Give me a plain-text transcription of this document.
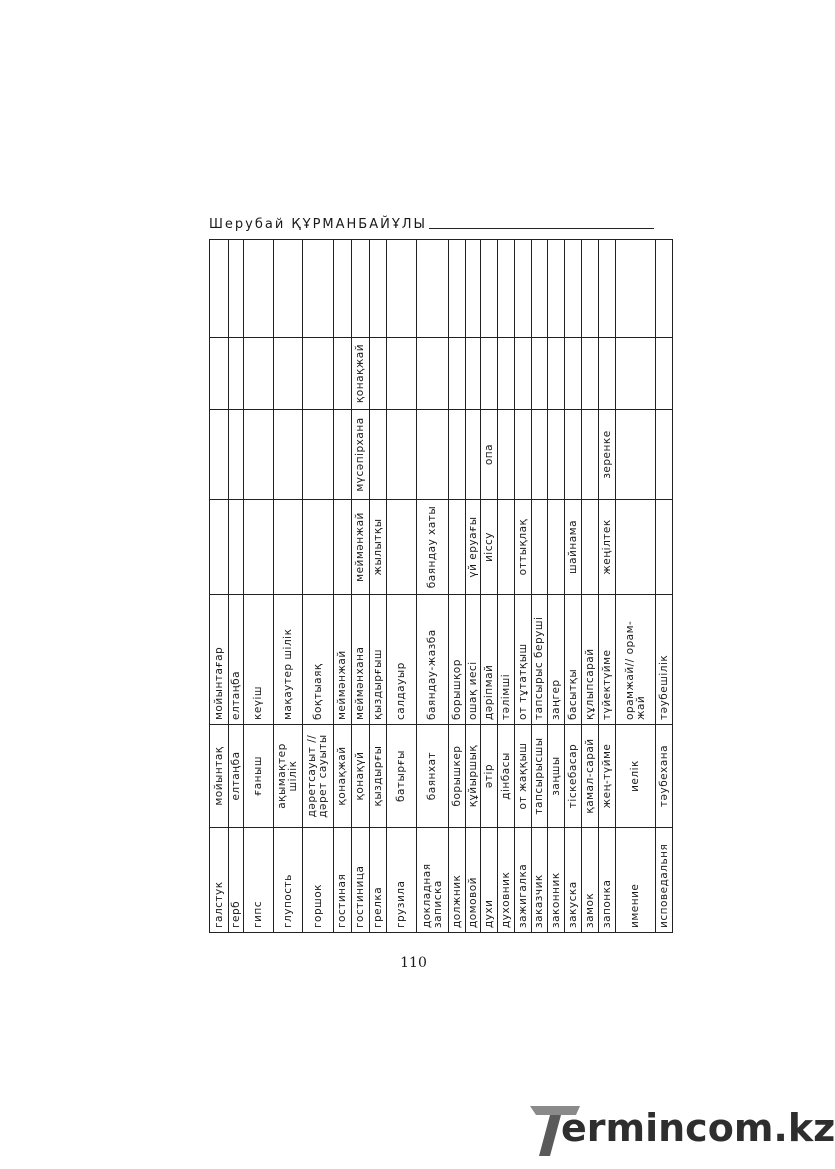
Шерубай ҚҰРМАНБАЙҰЛЫ
галстук	мойынтақ	мойынтағар				
герб	елтаңба	елтаңба				
гипс	ғаныш	кеүіш				
глупость	ақымақтер шілік	мақаутер шілік				
горшок	дәретсауыт // дәрет сауыты	боқтыаяқ				
гостиная	қонақжай	меймәнжай				
гостиница	қонақүй	меймәнхана	меймәнжай	мүсәпірхана	қонақжай	
грелка	қыздырғы	қыздырғыш	жылытқы			
грузила	батырғы	салдауыр				
докладная записка	баянхат	баяндау-жазба	баяндау хаты			
должник	борышкер	борышқор				
домовой	құйыршық	ошақ иесі	үй еруағы			
духи	әтір	дәріпмай	иіссу	опа		
духовник	дінбасы	тәлімші				
зажигалка	от жаққыш	от тұтатқыш	оттықлақ			
заказчик	тапсырысшы	тапсырыс беруші				
законник	заңшы	заңгер				
закуска	тіскебасар	басытқы	шайнама			
замок	қамал-сарай	құлыпсарай				
запонка	жең-түйме	түйектүйме	жеңілтек	зеренке		
имение	иелік	орамжай// орам-жай				
исповедальня	тәубехана	тәубешілік				
110
ermincom.kz
